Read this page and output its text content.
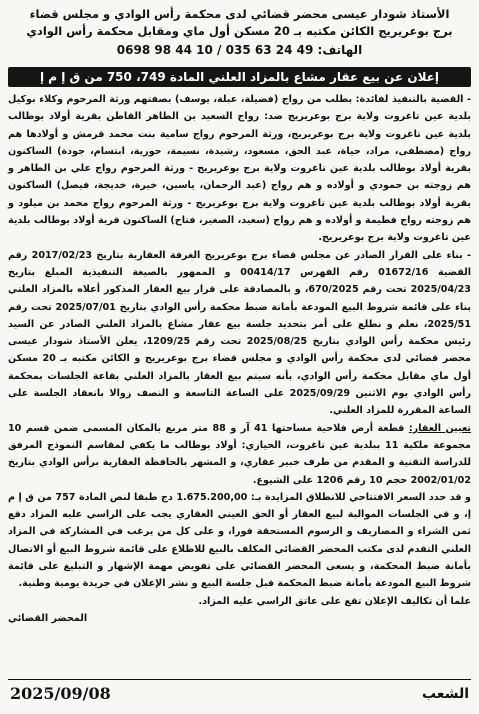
الأستاذ شودار عيسى محضر قضائي لدى محكمة رأس الوادي و مجلس قضاء
برج بوعريريج الكائن مكتبه بـ 20 مسكن أول ماي ومقابل محكمة رأس الوادي
الهاتف: 49 24 63 035 / 10 44 98 0698
إعلان عن بيع عقار مشاع بالمزاد العلني المادة 749، 750 من ق إ م إ

- القضية بالتنفيذ لفائدة: بطلب من رواج (فضيلة، عبلة، يوسف) بصفتهم ورثة المرحوم وكلاء بوكيل بلدية عين تاغروت ولاية برج بوعريريج ضد: رواج السعيد بن الطاهر القاطن بقرية أولاد بوطالب بلدية عين تاغروت ولاية برج بوعريريج، ورثة المرحوم رواج سامية بنت محمد قرمش و أولادها هم رواج (مصطفى، مراد، حياة، عبد الحق، مسعود، رشيدة، نسيمة، حورية، ابتسام، جودة) الساكنون بقرية أولاد بوطالب بلدية عين تاغروت ولاية برج بوعريريج - ورثة المرحوم رواج علي بن الطاهر و هم زوجته بن حمودي و أولاده و هم رواج (عبد الرحمان، ياسين، خيرة، خديجة، فيصل) الساكنون بقرية أولاد بوطالب بلدية عين تاغروت ولاية برج بوعريريج - ورثة المرحوم رواج محمد بن ميلود و هم زوجته رواج فطيمة و أولاده و هم رواج (سعيد، الصغير، فتاح) الساكنون قرية أولاد بوطالب بلدية عين تاغروت ولاية برج بوعريريج.

- بناء على القرار الصادر عن مجلس قضاء برج بوعريريج الغرفة العقارية بتاريخ 2017/02/23 رقم القضية 01672/16 رقم الفهرس 00414/17 و الممهور بالصيغة التنفيذية المبلغ بتاريخ 2025/04/23 تحت رقم 670/2025، و بالمصادقة على قرار بيع العقار المذكور أعلاه بالمزاد العلني بناء على قائمة شروط البيع المودعة بأمانة ضبط محكمة رأس الوادي بتاريخ 2025/07/01 تحت رقم 2025/51، نعلم و نطلع على أمر بتحديد جلسة بيع عقار مشاع بالمزاد العلني الصادر عن السيد رئيس محكمة رأس الوادي بتاريخ 2025/08/25 تحت رقم 1209/25، يعلن الأستاذ شودار عيسى محضر قضائي لدى محكمة رأس الوادي و مجلس قضاء برج بوعريريج و الكائن مكتبه بـ 20 مسكن أول ماي مقابل محكمة رأس الوادي، بأنه سيتم بيع العقار بالمزاد العلني بقاعة الجلسات بمحكمة رأس الوادي يوم الاثنين 2025/09/29 على الساعة التاسعة و النصف زوالا بانعقاد الجلسة على الساعة المقررة للمزاد العلني.

تعيين العقار: قطعة أرض فلاحية مساحتها 41 آر و 88 متر مربع بالمكان المسمى ضمن قسم 10 مجموعة ملكية 11 ببلدية عين تاغروت، الحيازي: أولاد بوطالب ما يكفي لمقاسم النموذج المرفق للدراسة التقنية و المقدم من طرف خبير عقاري، و المشهر بالحافظة العقارية برأس الوادي بتاريخ 2002/01/02 حجم 10 رقم 1206 على الشيوع.

و قد حدد السعر الافتتاحي للانطلاق المزايدة بـ: 1.675.200,00 دج طبقا لنص المادة 757 من ق إ م إ، و في الجلسات الموالية لبيع العقار أو الحق العيني العقاري يجب على الراسي عليه المزاد دفع ثمن الشراء و المصاريف و الرسوم المستحقة فورا، و على كل من يرغب في المشاركة في المزاد العلني التقدم لدى مكتب المحضر القضائي المكلف بالبيع للاطلاع على قائمة شروط البيع أو الاتصال بأمانة ضبط المحكمة، و يسعى المحضر القضائي على تفويض مهمة الإشهار و التبليغ على قائمة شروط البيع المودعة بأمانة ضبط المحكمة قبل جلسة البيع و نشر الإعلان في جريدة يومية وطنية.

علما أن تكاليف الإعلان تقع على عاتق الراسي عليه المزاد.

المحضر القضائي

الشعب
2025/09/08
